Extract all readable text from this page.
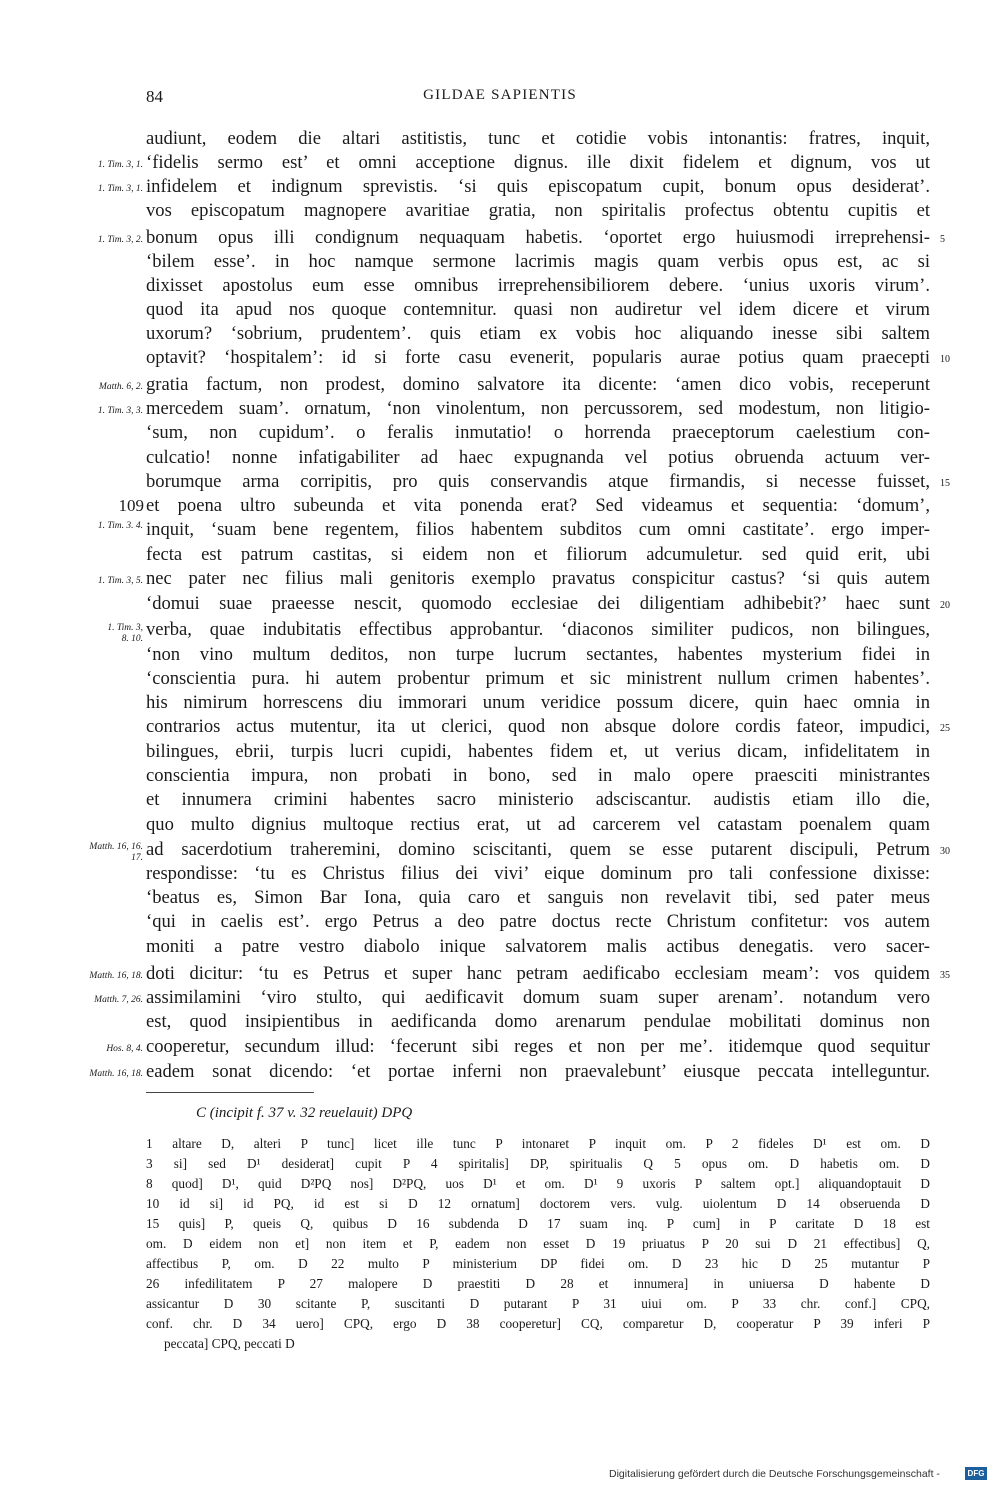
84	GILDAE SAPIENTIS
audiunt, eodem die altari astitistis, tunc et cotidie vobis intonantis: fratres, inquit,
‘fidelis sermo est’ et omni acceptione dignus. ille dixit fidelem et dignum, vos ut
infidelem et indignum sprevistis. ‘si quis episcopatum cupit, bonum opus desiderat’.
vos episcopatum magnopere avaritiae gratia, non spiritalis profectus obtentu cupitis et
bonum opus illi condignum nequaquam habetis. ‘oportet ergo huiusmodi irreprehensi-
‘bilem esse’. in hoc namque sermone lacrimis magis quam verbis opus est, ac si
dixisset apostolus eum esse omnibus irreprehensibiliorem debere. ‘unius uxoris virum’.
quod ita apud nos quoque contemnitur. quasi non audiretur vel idem dicere et virum
uxorum? ‘sobrium, prudentem’. quis etiam ex vobis hoc aliquando inesse sibi saltem
optavit? ‘hospitalem’: id si forte casu evenerit, popularis aurae potius quam praecepti
gratia factum, non prodest, domino salvatore ita dicente: ‘amen dico vobis, receperunt
mercedem suam’. ornatum, ‘non vinolentum, non percussorem, sed modestum, non litigio-
‘sum, non cupidum’. o feralis inmutatio! o horrenda praeceptorum caelestium con-
culcatio! nonne infatigabiliter ad haec expugnanda vel potius obruenda actuum ver-
borumque arma corripitis, pro quis conservandis atque firmandis, si necesse fuisset,
et poena ultro subeunda et vita ponenda erat? Sed videamus et sequentia: ‘domum’,
inquit, ‘suam bene regentem, filios habentem subditos cum omni castitate’. ergo imper-
fecta est patrum castitas, si eidem non et filiorum adcumuletur. sed quid erit, ubi
nec pater nec filius mali genitoris exemplo pravatus conspicitur castus? ‘si quis autem
‘domui suae praeesse nescit, quomodo ecclesiae dei diligentiam adhibebit?’ haec sunt
verba, quae indubitatis effectibus approbantur. ‘diaconos similiter pudicos, non bilingues,
‘non vino multum deditos, non turpe lucrum sectantes, habentes mysterium fidei in
‘conscientia pura. hi autem probentur primum et sic ministrent nullum crimen habentes’.
his nimirum horrescens diu immorari unum veridice possum dicere, quin haec omnia in
contrarios actus mutentur, ita ut clerici, quod non absque dolore cordis fateor, impudici,
bilingues, ebrii, turpis lucri cupidi, habentes fidem et, ut verius dicam, infidelitatem in
conscientia impura, non probati in bono, sed in malo opere praesciti ministrantes
et innumera crimini habentes sacro ministerio adsciscantur. audistis etiam illo die,
quo multo dignius multoque rectius erat, ut ad carcerem vel catastam poenalem quam
ad sacerdotium traheremini, domino sciscitanti, quem se esse putarent discipuli, Petrum
respondisse: ‘tu es Christus filius dei vivi’ eique dominum pro tali confessione dixisse:
‘beatus es, Simon Bar Iona, quia caro et sanguis non revelavit tibi, sed pater meus
‘qui in caelis est’. ergo Petrus a deo patre doctus recte Christum confitetur: vos autem
moniti a patre vestro diabolo inique salvatorem malis actibus denegatis. vero sacer-
doti dicitur: ‘tu es Petrus et super hanc petram aedificabo ecclesiam meam’: vos quidem
assimilamini ‘viro stulto, qui aedificavit domum suam super arenam’. notandum vero
est, quod insipientibus in aedificanda domo arenarum pendulae mobilitati dominus non
cooperetur, secundum illud: ‘fecerunt sibi reges et non per me’. itidemque quod sequitur
eadem sonat dicendo: ‘et portae inferni non praevalebunt’ eiusque peccata intelleguntur.
1. Tim. 3, 1.
1. Tim. 3, 1.
1. Tim. 3, 2.
Matth. 6, 2.
1. Tim. 3, 3.
1. Tim. 3. 4.
1. Tim. 3, 5.
1. Tim. 3,
8. 10.
Matth. 16, 16.
17.
Matth. 16, 18.
Matth. 7, 26.
Hos. 8, 4.
Matth. 16, 18.
109
5
10
15
20
25
30
35
C (incipit f. 37 v. 32 reuelauit) DPQ
1 altare D, alteri P tunc] licet ille tunc P intonaret P inquit om. P 2 fideles D¹ est om. D
3 si] sed D¹ desiderat] cupit P 4 spiritalis] DP, spiritualis Q 5 opus om. D habetis om. D
8 quod] D¹, quid D²PQ nos] D²PQ, uos D¹ et om. D¹ 9 uxoris P saltem opt.] aliquandoptauit D
10 id si] id PQ, id est si D 12 ornatum] doctorem vers. vulg. uiolentum D 14 obseruenda D
15 quis] P, queis Q, quibus D 16 subdenda D 17 suam inq. P cum] in P caritate D 18 est
om. D eidem non et] non item et P, eadem non esset D 19 priuatus P 20 sui D 21 effectibus] Q,
affectibus P, om. D 22 multo P ministerium DP fidei om. D 23 hic D 25 mutantur P
26 infedilitatem P 27 malopere D praestiti D 28 et innumera] in uniuersa D habente D
assicantur D 30 scitante P, suscitanti D putarant P 31 uiui om. P 33 chr. conf.] CPQ,
conf. chr. D 34 uero] CPQ, ergo D 38 cooperetur] CQ, comparetur D, cooperatur P 39 inferi P
peccata] CPQ, peccati D
Digitalisierung gefördert durch die Deutsche Forschungsgemeinschaft -	DFG
